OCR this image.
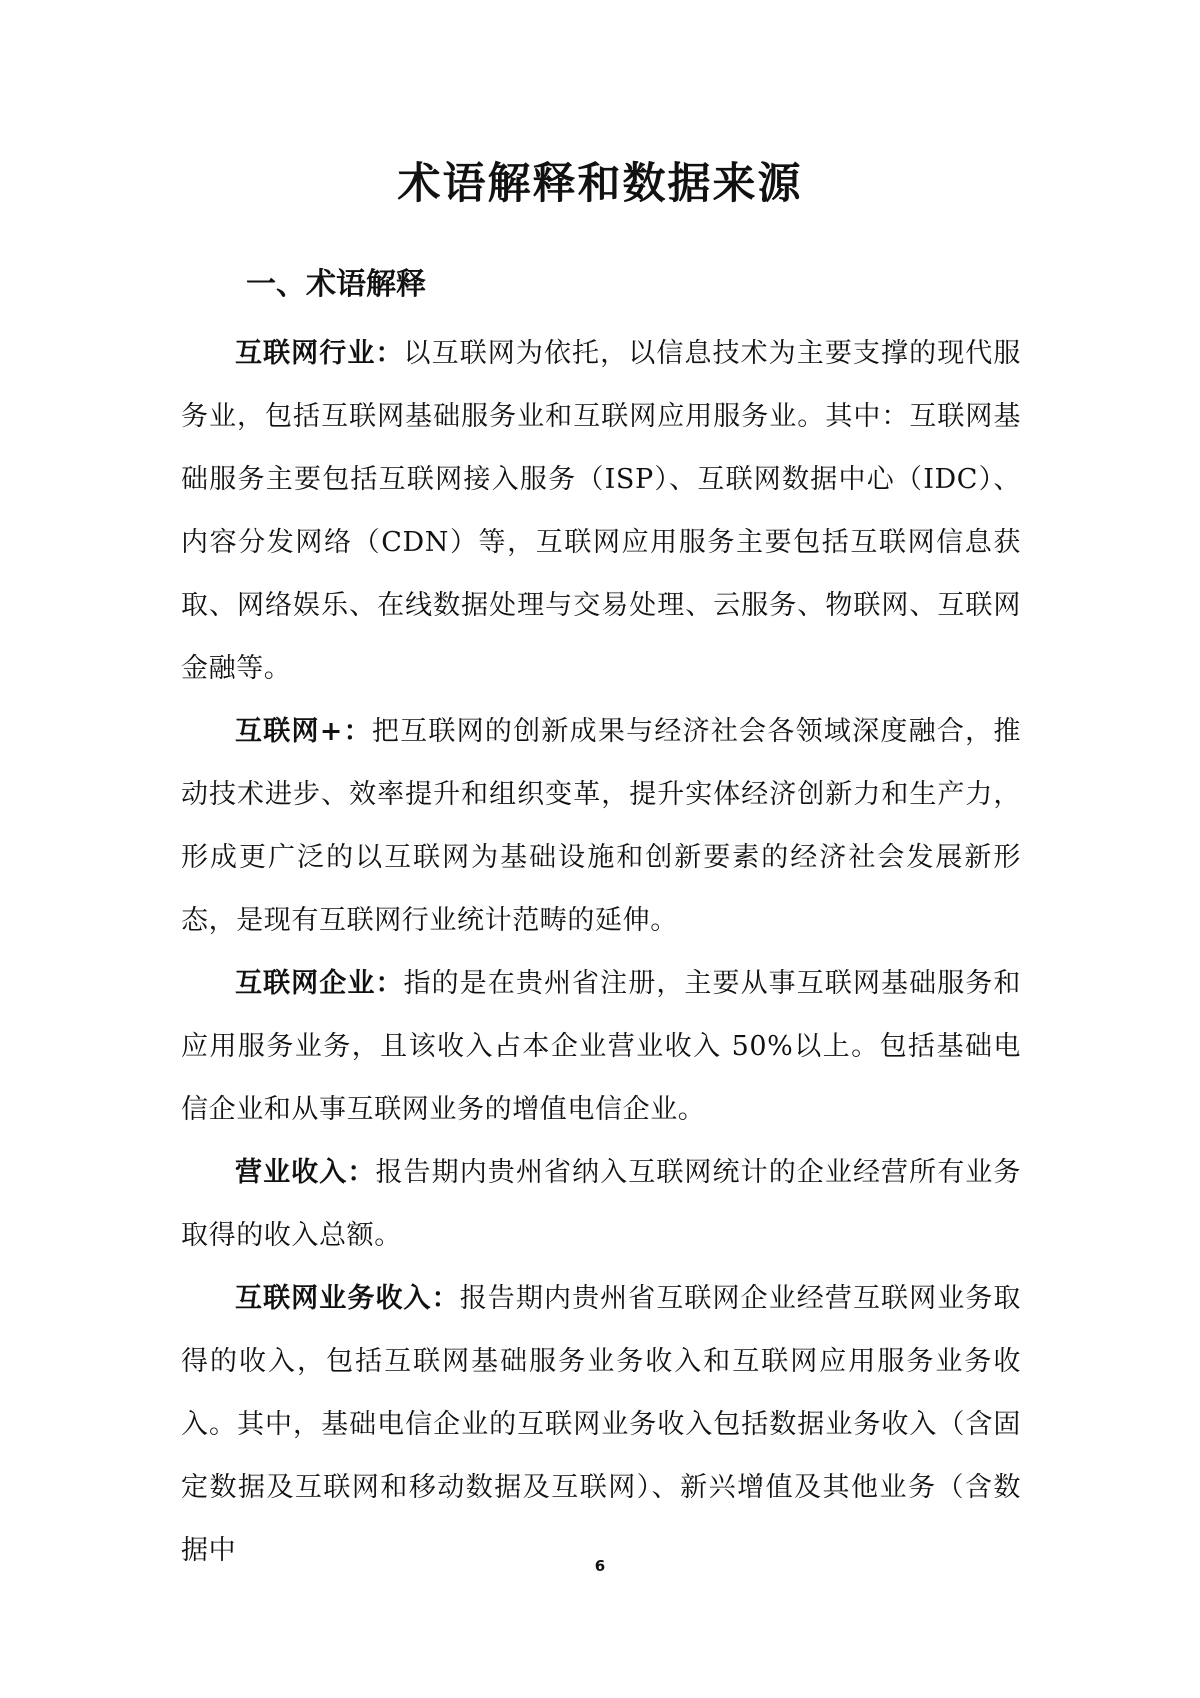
术语解释和数据来源
一、术语解释

互联网行业：以互联网为依托，以信息技术为主要支撑的现代服务业，包括互联网基础服务业和互联网应用服务业。其中：互联网基础服务主要包括互联网接入服务（ISP）、互联网数据中心（IDC）、内容分发网络（CDN）等，互联网应用服务主要包括互联网信息获取、网络娱乐、在线数据处理与交易处理、云服务、物联网、互联网金融等。

互联网+：把互联网的创新成果与经济社会各领域深度融合，推动技术进步、效率提升和组织变革，提升实体经济创新力和生产力，形成更广泛的以互联网为基础设施和创新要素的经济社会发展新形态，是现有互联网行业统计范畴的延伸。

互联网企业：指的是在贵州省注册，主要从事互联网基础服务和应用服务业务，且该收入占本企业营业收入 50%以上。包括基础电信企业和从事互联网业务的增值电信企业。

营业收入：报告期内贵州省纳入互联网统计的企业经营所有业务取得的收入总额。

互联网业务收入：报告期内贵州省互联网企业经营互联网业务取得的收入，包括互联网基础服务业务收入和互联网应用服务业务收入。其中，基础电信企业的互联网业务收入包括数据业务收入（含固定数据及互联网和移动数据及互联网）、新兴增值及其他业务（含数据中	6
